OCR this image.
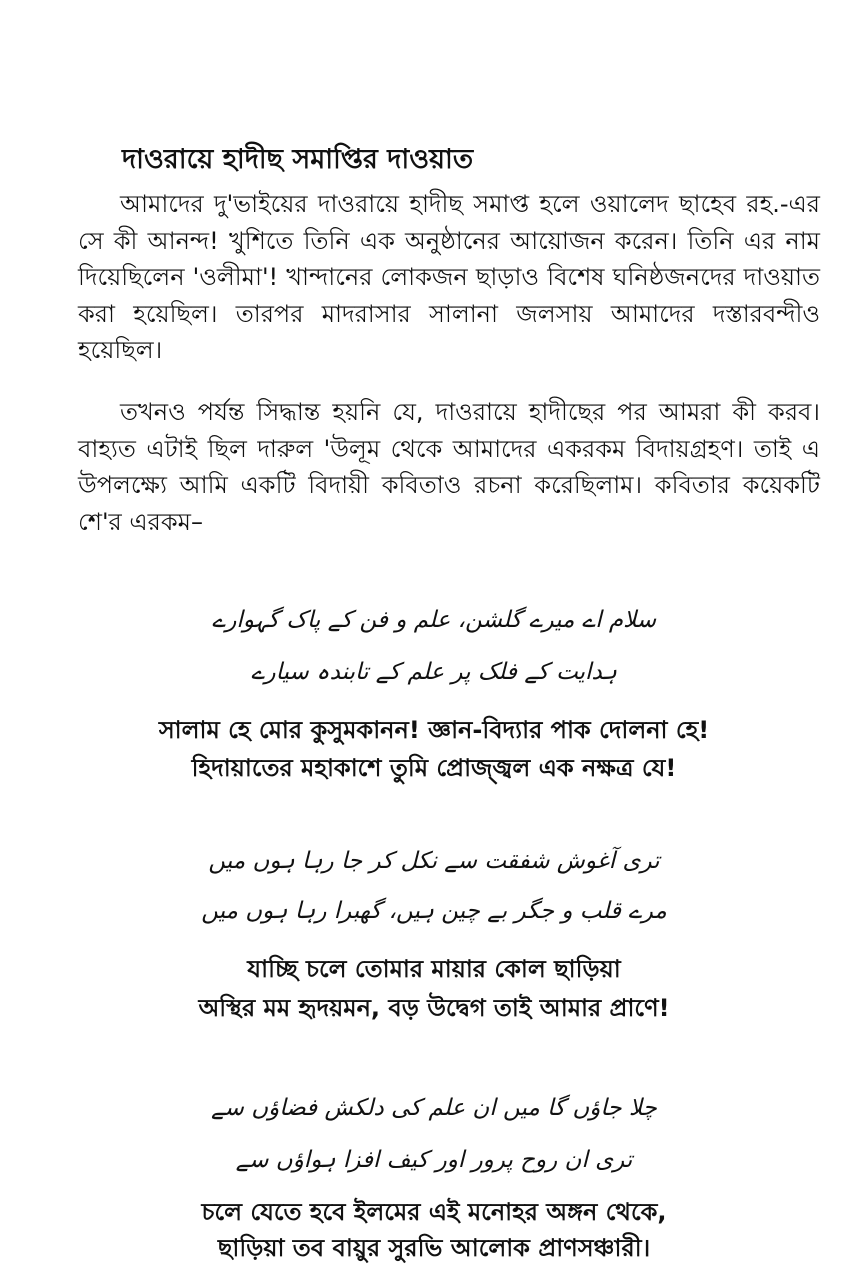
দাওরায়ে হাদীছ সমাপ্তির দাওয়াত

আমাদের দু'ভাইয়ের দাওরায়ে হাদীছ সমাপ্ত হলে ওয়ালেদ ছাহেব রহ.-এর সে কী আনন্দ! খুশিতে তিনি এক অনুষ্ঠানের আয়োজন করেন। তিনি এর নাম দিয়েছিলেন 'ওলীমা'! খান্দানের লোকজন ছাড়াও বিশেষ ঘনিষ্ঠজনদের দাওয়াত করা হয়েছিল। তারপর মাদরাসার সালানা জলসায় আমাদের দস্তারবন্দীও হয়েছিল।

তখনও পর্যন্ত সিদ্ধান্ত হয়নি যে, দাওরায়ে হাদীছের পর আমরা কী করব। বাহ্যত এটাই ছিল দারুল 'উলূম থেকে আমাদের একরকম বিদায়গ্রহণ। তাই এ উপলক্ষ্যে আমি একটি বিদায়ী কবিতাও রচনা করেছিলাম। কবিতার কয়েকটি শে'র এরকম–

سلام اے میرے گلشن، علم و فن کے پاک گہوارے
ہدایت کے فلک پر علم کے تابندہ سیارے
সালাম হে মোর কুসুমকানন! জ্ঞান-বিদ্যার পাক দোলনা হে!
হিদায়াতের মহাকাশে তুমি প্রোজ্জ্বল এক নক্ষত্র যে!
تری آغوش شفقت سے نکل کر جا رہا ہوں میں
مرے قلب و جگر بے چین ہیں، گھبرا رہا ہوں میں
যাচ্ছি চলে তোমার মায়ার কোল ছাড়িয়া
অস্থির মম হৃদয়মন, বড় উদ্বেগ তাই আমার প্রাণে!
چلا جاؤں گا میں ان علم کی دلکش فضاؤں سے
تری ان روح پرور اور کیف افزا ہواؤں سے
চলে যেতে হবে ইলমের এই মনোহর অঙ্গন থেকে,
ছাড়িয়া তব বায়ুর সুরভি আলোক প্রাণসঞ্চারী।
